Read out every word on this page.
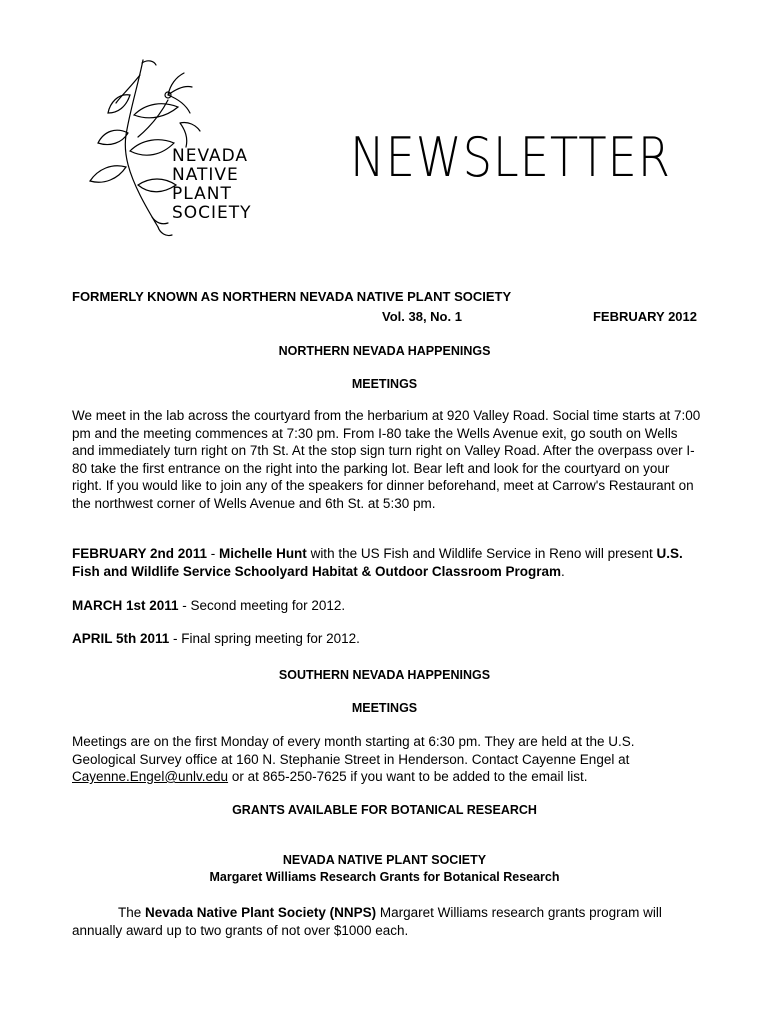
NEVADA
NATIVE
PLANT
SOCIETY
NEWSLETTER
FORMERLY KNOWN AS NORTHERN NEVADA NATIVE PLANT SOCIETY
Vol. 38, No. 1	FEBRUARY 2012

NORTHERN NEVADA HAPPENINGS
MEETINGS
We meet in the lab across the courtyard from the herbarium at 920 Valley Road. Social time starts at 7:00 pm and the meeting commences at 7:30 pm. From I-80 take the Wells Avenue exit, go south on Wells and immediately turn right on 7th St. At the stop sign turn right on Valley Road. After the overpass over I-80 take the first entrance on the right into the parking lot. Bear left and look for the courtyard on your right. If you would like to join any of the speakers for dinner beforehand, meet at Carrow's Restaurant on the northwest corner of Wells Avenue and 6th St. at 5:30 pm.
FEBRUARY 2nd 2011 - Michelle Hunt with the US Fish and Wildlife Service in Reno will present U.S. Fish and Wildlife Service Schoolyard Habitat & Outdoor Classroom Program.
MARCH 1st 2011 - Second meeting for 2012.
APRIL 5th 2011 - Final spring meeting for 2012.
SOUTHERN NEVADA HAPPENINGS
MEETINGS
Meetings are on the first Monday of every month starting at 6:30 pm. They are held at the U.S. Geological Survey office at 160 N. Stephanie Street in Henderson. Contact Cayenne Engel at Cayenne.Engel@unlv.edu or at 865-250-7625 if you want to be added to the email list.
GRANTS AVAILABLE FOR BOTANICAL RESEARCH
NEVADA NATIVE PLANT SOCIETY
Margaret Williams Research Grants for Botanical Research
The Nevada Native Plant Society (NNPS) Margaret Williams research grants program will annually award up to two grants of not over $1000 each.
